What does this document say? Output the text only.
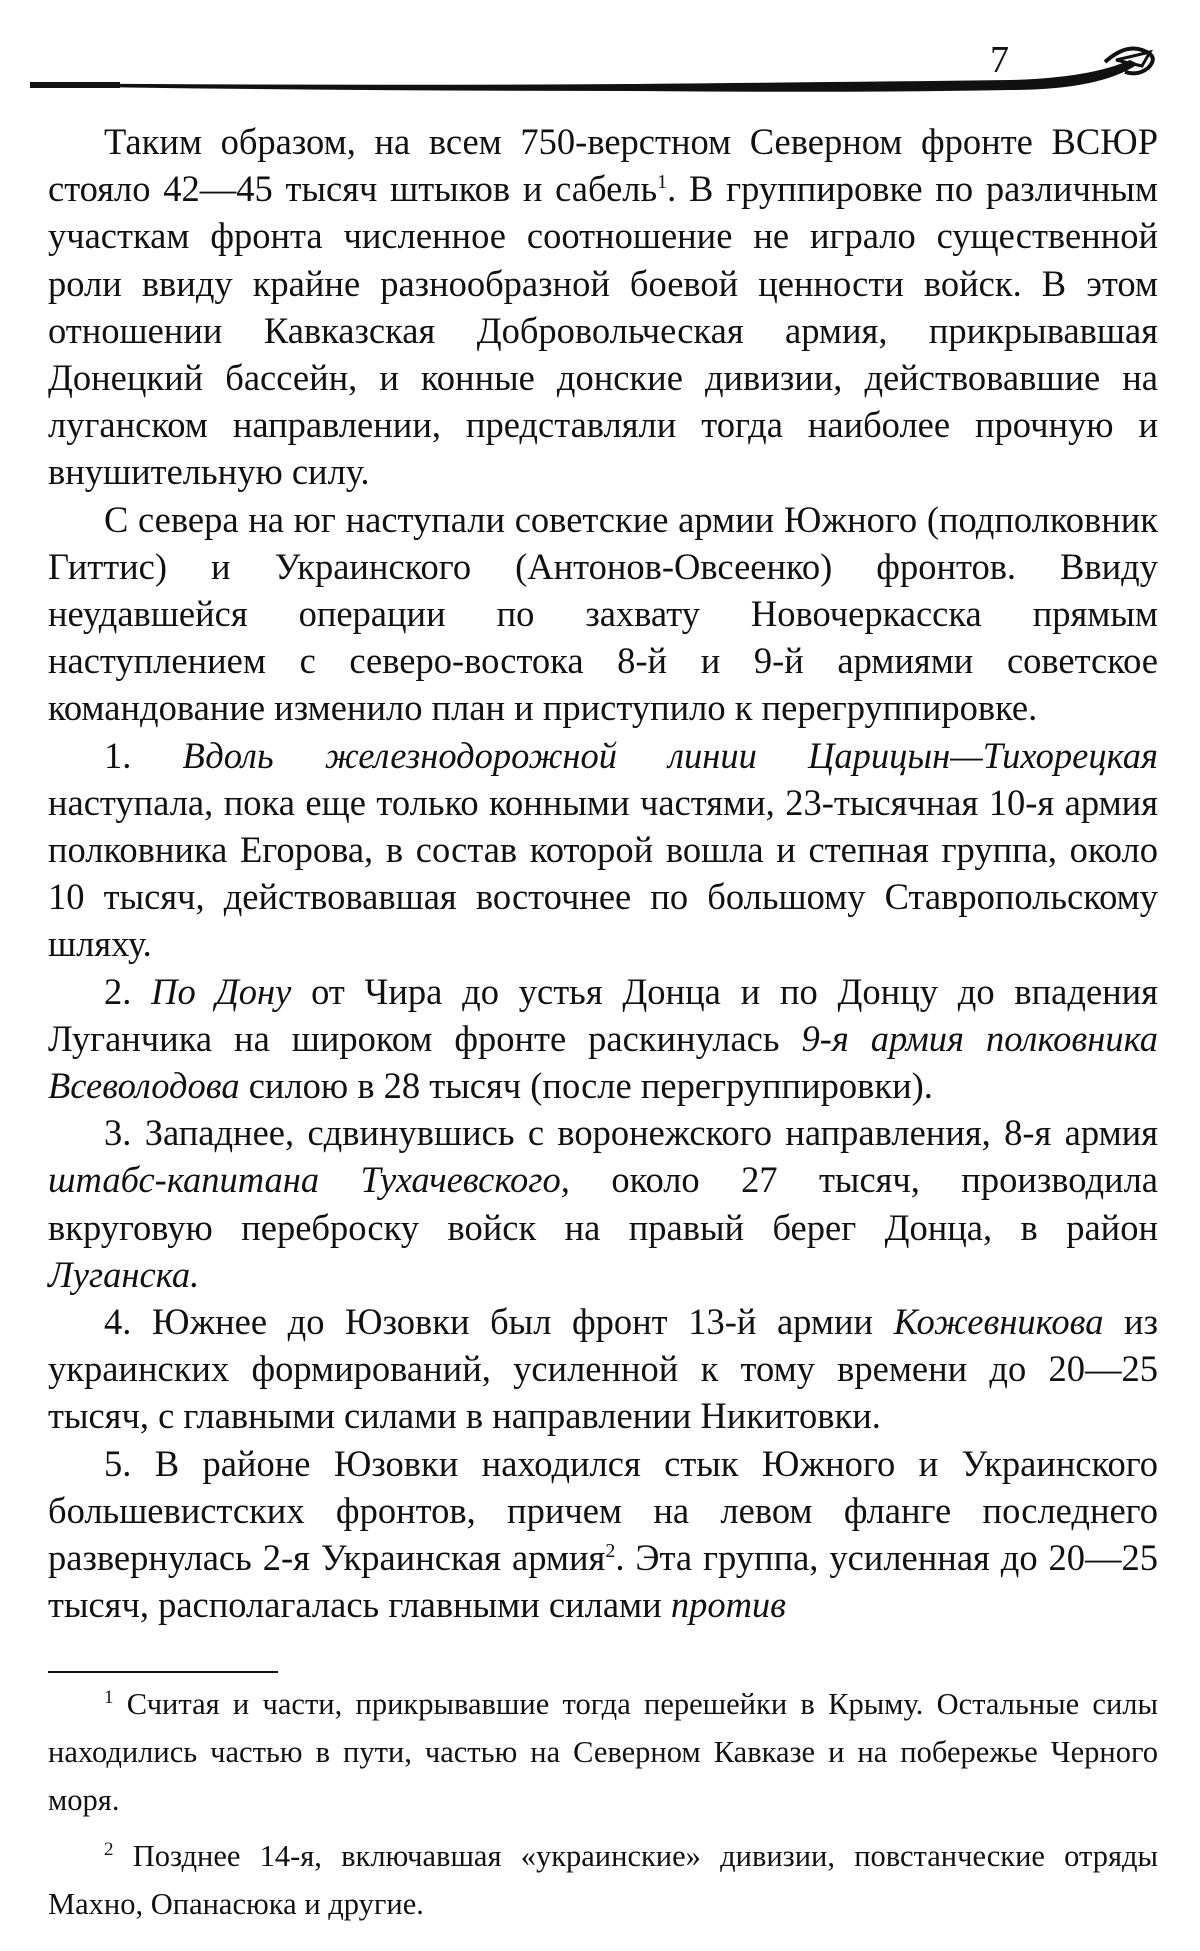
7

Таким образом, на всем 750-верстном Северном фронте ВСЮР стояло 42—45 тысяч штыков и сабель$^1$. В группировке по различным участкам фронта численное соотношение не играло существенной роли ввиду крайне разнообразной боевой ценности войск. В этом отношении Кавказская Добровольческая армия, прикрывавшая Донецкий бассейн, и конные донские дивизии, действовавшие на луганском направлении, представляли тогда наиболее прочную и внушительную силу.

С севера на юг наступали советские армии Южного (подполковник Гиттис) и Украинского (Антонов-Овсеенко) фронтов. Ввиду неудавшейся операции по захвату Новочеркасска прямым наступлением с северо-востока 8-й и 9-й армиями советское командование изменило план и приступило к перегруппировке.

1. Вдоль железнодорожной линии Царицын—Тихорецкая наступала, пока еще только конными частями, 23-тысячная 10-я армия полковника Егорова, в состав которой вошла и степная группа, около 10 тысяч, действовавшая восточнее по большому Ставропольскому шляху.

2. По Дону от Чира до устья Донца и по Донцу до впадения Луганчика на широком фронте раскинулась 9-я армия полковника Всеволодова силою в 28 тысяч (после перегруппировки).

3. Западнее, сдвинувшись с воронежского направления, 8-я армия штабс-капитана Тухачевского, около 27 тысяч, производила вкруговую переброску войск на правый берег Донца, в район Луганска.

4. Южнее до Юзовки был фронт 13-й армии Кожевникова из украинских формирований, усиленной к тому времени до 20—25 тысяч, с главными силами в направлении Никитовки.

5. В районе Юзовки находился стык Южного и Украинского большевистских фронтов, причем на левом фланге последнего развернулась 2-я Украинская армия$^2$. Эта группа, усиленная до 20—25 тысяч, располагалась главными силами против

$^1$ Считая и части, прикрывавшие тогда перешейки в Крыму. Остальные силы находились частью в пути, частью на Северном Кавказе и на побережье Черного моря.

$^2$ Позднее 14-я, включавшая «украинские» дивизии, повстанческие отряды Махно, Опанасюка и другие.
